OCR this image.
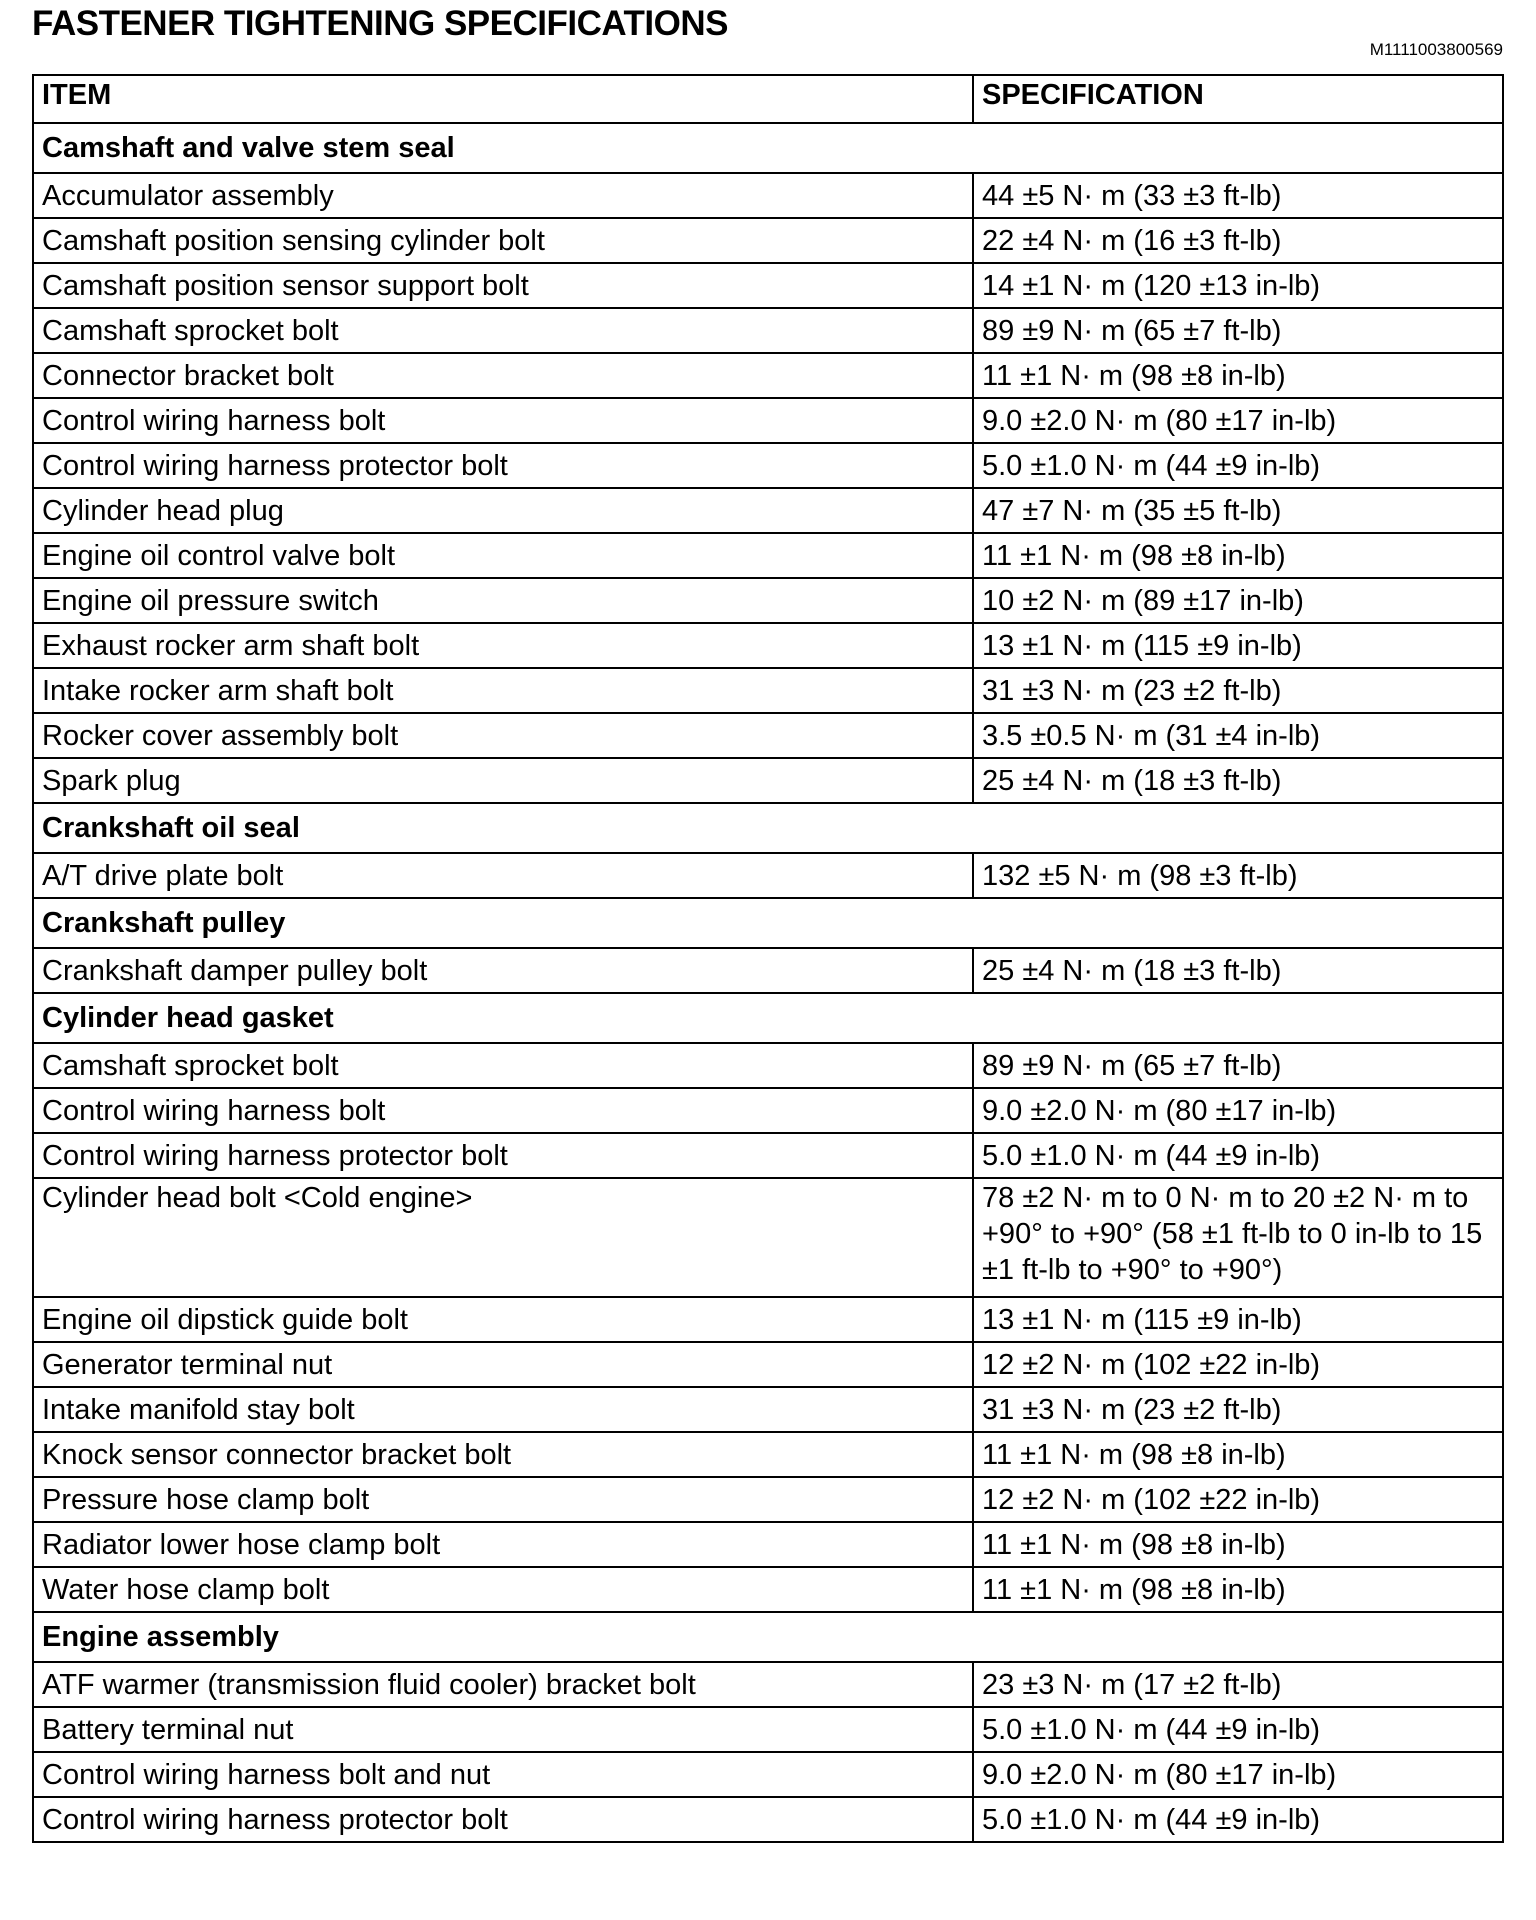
FASTENER TIGHTENING SPECIFICATIONS
M1111003800569
ITEM	SPECIFICATION
Camshaft and valve stem seal	
Accumulator assembly	44 ±5 N· m (33 ±3 ft-lb)
Camshaft position sensing cylinder bolt	22 ±4 N· m (16 ±3 ft-lb)
Camshaft position sensor support bolt	14 ±1 N· m (120 ±13 in-lb)
Camshaft sprocket bolt	89 ±9 N· m (65 ±7 ft-lb)
Connector bracket bolt	11 ±1 N· m (98 ±8 in-lb)
Control wiring harness bolt	9.0 ±2.0 N· m (80 ±17 in-lb)
Control wiring harness protector bolt	5.0 ±1.0 N· m (44 ±9 in-lb)
Cylinder head plug	47 ±7 N· m (35 ±5 ft-lb)
Engine oil control valve bolt	11 ±1 N· m (98 ±8 in-lb)
Engine oil pressure switch	10 ±2 N· m (89 ±17 in-lb)
Exhaust rocker arm shaft bolt	13 ±1 N· m (115 ±9 in-lb)
Intake rocker arm shaft bolt	31 ±3 N· m (23 ±2 ft-lb)
Rocker cover assembly bolt	3.5 ±0.5 N· m (31 ±4 in-lb)
Spark plug	25 ±4 N· m (18 ±3 ft-lb)
Crankshaft oil seal	
A/T drive plate bolt	132 ±5 N· m (98 ±3 ft-lb)
Crankshaft pulley	
Crankshaft damper pulley bolt	25 ±4 N· m (18 ±3 ft-lb)
Cylinder head gasket	
Camshaft sprocket bolt	89 ±9 N· m (65 ±7 ft-lb)
Control wiring harness bolt	9.0 ±2.0 N· m (80 ±17 in-lb)
Control wiring harness protector bolt	5.0 ±1.0 N· m (44 ±9 in-lb)
Cylinder head bolt <Cold engine>	78 ±2 N· m to 0 N· m to 20 ±2 N· m to +90° to +90° (58 ±1 ft-lb to 0 in-lb to 15 ±1 ft-lb to +90° to +90°)
Engine oil dipstick guide bolt	13 ±1 N· m (115 ±9 in-lb)
Generator terminal nut	12 ±2 N· m (102 ±22 in-lb)
Intake manifold stay bolt	31 ±3 N· m (23 ±2 ft-lb)
Knock sensor connector bracket bolt	11 ±1 N· m (98 ±8 in-lb)
Pressure hose clamp bolt	12 ±2 N· m (102 ±22 in-lb)
Radiator lower hose clamp bolt	11 ±1 N· m (98 ±8 in-lb)
Water hose clamp bolt	11 ±1 N· m (98 ±8 in-lb)
Engine assembly	
ATF warmer (transmission fluid cooler) bracket bolt	23 ±3 N· m (17 ±2 ft-lb)
Battery terminal nut	5.0 ±1.0 N· m (44 ±9 in-lb)
Control wiring harness bolt and nut	9.0 ±2.0 N· m (80 ±17 in-lb)
Control wiring harness protector bolt	5.0 ±1.0 N· m (44 ±9 in-lb)
